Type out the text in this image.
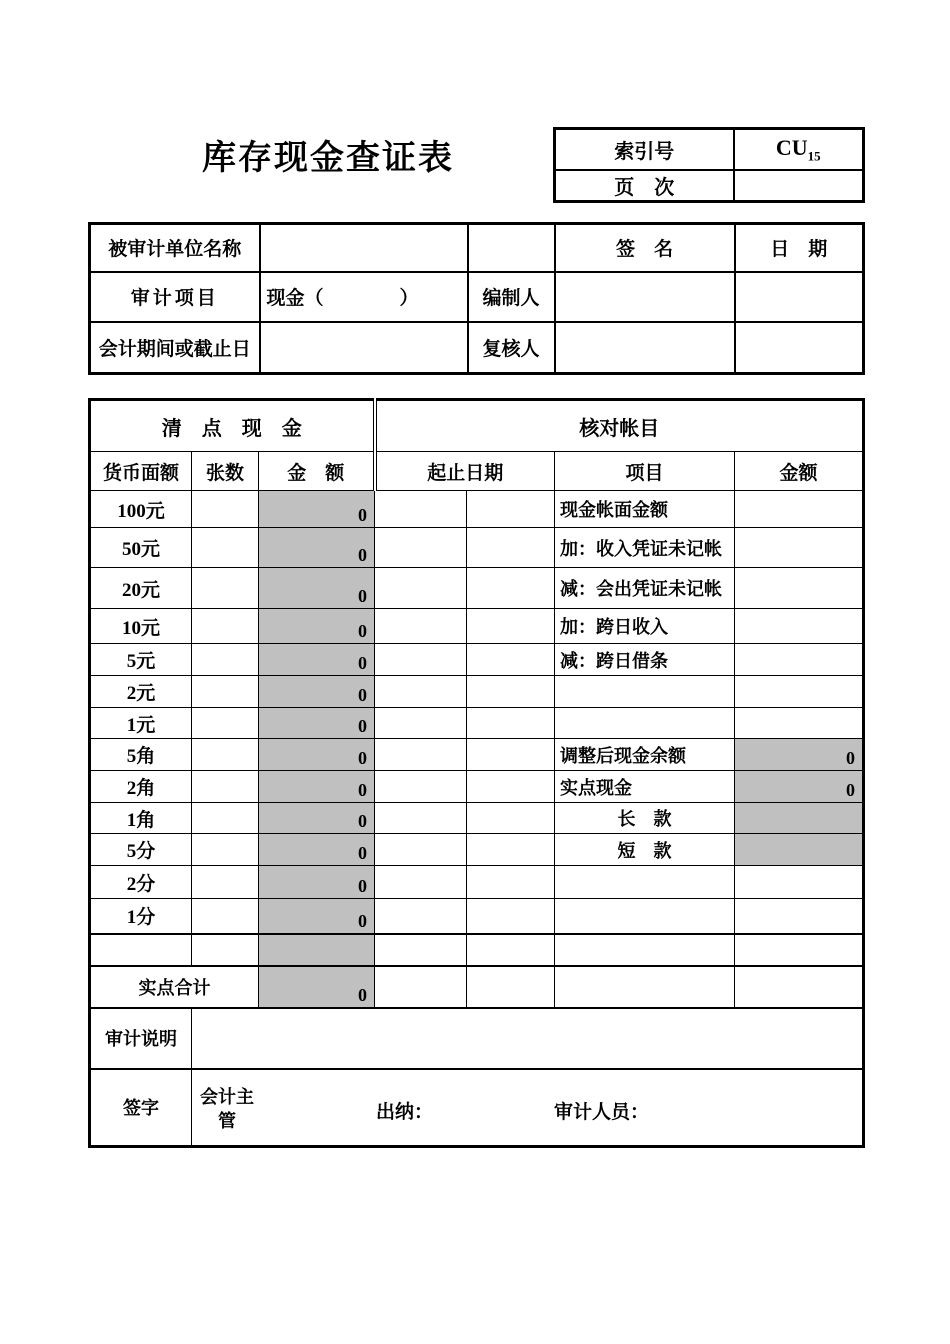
库存现金查证表	索引号	$CU_{15}$
页　次	
被审计单位名称			签　名	日　期
审计项目	现金（　　　　）	编制人		
会计期间或截止日		复核人		
清　点　现　金			核对帐目			
货币面额	张数	金　额	起止日期		项目	金额
100元		0			现金帐面金额	
50元		0			加：收入凭证未记帐	
20元		0			减：会出凭证未记帐	
10元		0			加：跨日收入	
5元		0			减：跨日借条	
2元		0				
1元		0				
5角		0			调整后现金余额	0
2角		0			实点现金	0
1角		0			长　款	
5分		0			短　款	
2分		0				
1分		0				

实点合计		0				
审计说明						
签字	会计主管 出纳： 审计人员：					
